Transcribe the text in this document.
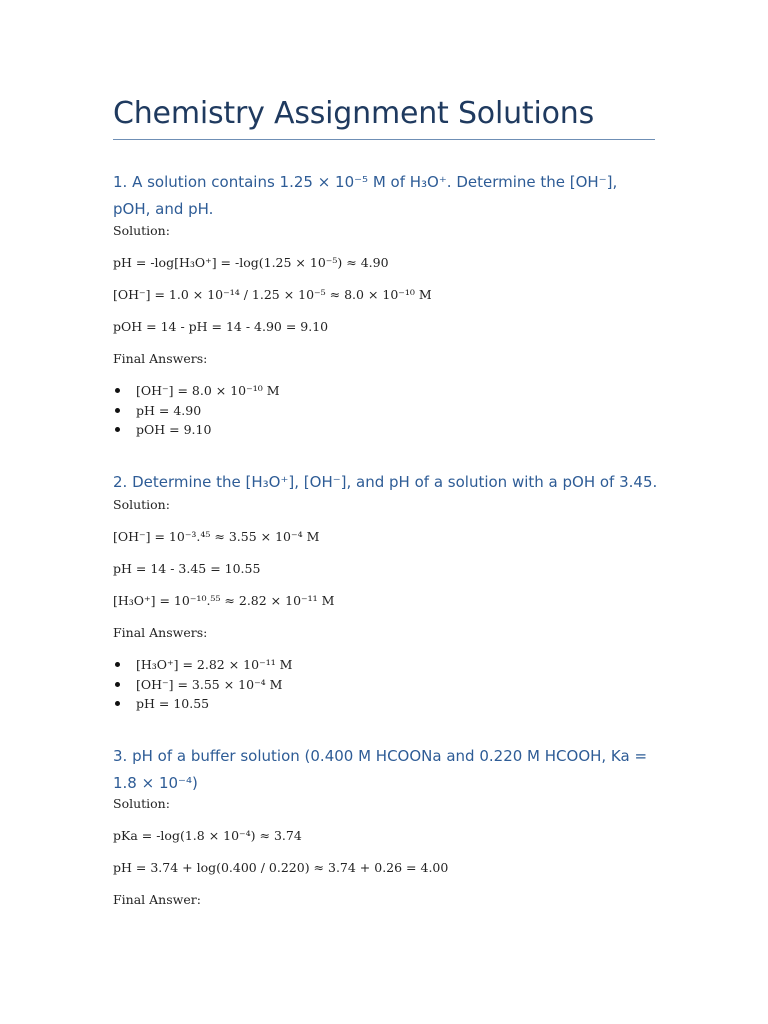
Chemistry Assignment Solutions
1. A solution contains 1.25 × 10⁻⁵ M of H₃O⁺. Determine the [OH⁻], pOH, and pH.
Solution:
pH = -log[H₃O⁺] = -log(1.25 × 10⁻⁵) ≈ 4.90
[OH⁻] = 1.0 × 10⁻¹⁴ / 1.25 × 10⁻⁵ ≈ 8.0 × 10⁻¹⁰ M
pOH = 14 - pH = 14 - 4.90 = 9.10
Final Answers:
[OH⁻] = 8.0 × 10⁻¹⁰ M
pH = 4.90
pOH = 9.10
2. Determine the [H₃O⁺], [OH⁻], and pH of a solution with a pOH of 3.45.
Solution:
[OH⁻] = 10⁻³.⁴⁵ ≈ 3.55 × 10⁻⁴ M
pH = 14 - 3.45 = 10.55
[H₃O⁺] = 10⁻¹⁰.⁵⁵ ≈ 2.82 × 10⁻¹¹ M
Final Answers:
[H₃O⁺] = 2.82 × 10⁻¹¹ M
[OH⁻] = 3.55 × 10⁻⁴ M
pH = 10.55
3. pH of a buffer solution (0.400 M HCOONa and 0.220 M HCOOH, Ka = 1.8 × 10⁻⁴)
Solution:
pKa = -log(1.8 × 10⁻⁴) ≈ 3.74
pH = 3.74 + log(0.400 / 0.220) ≈ 3.74 + 0.26 = 4.00
Final Answer:
